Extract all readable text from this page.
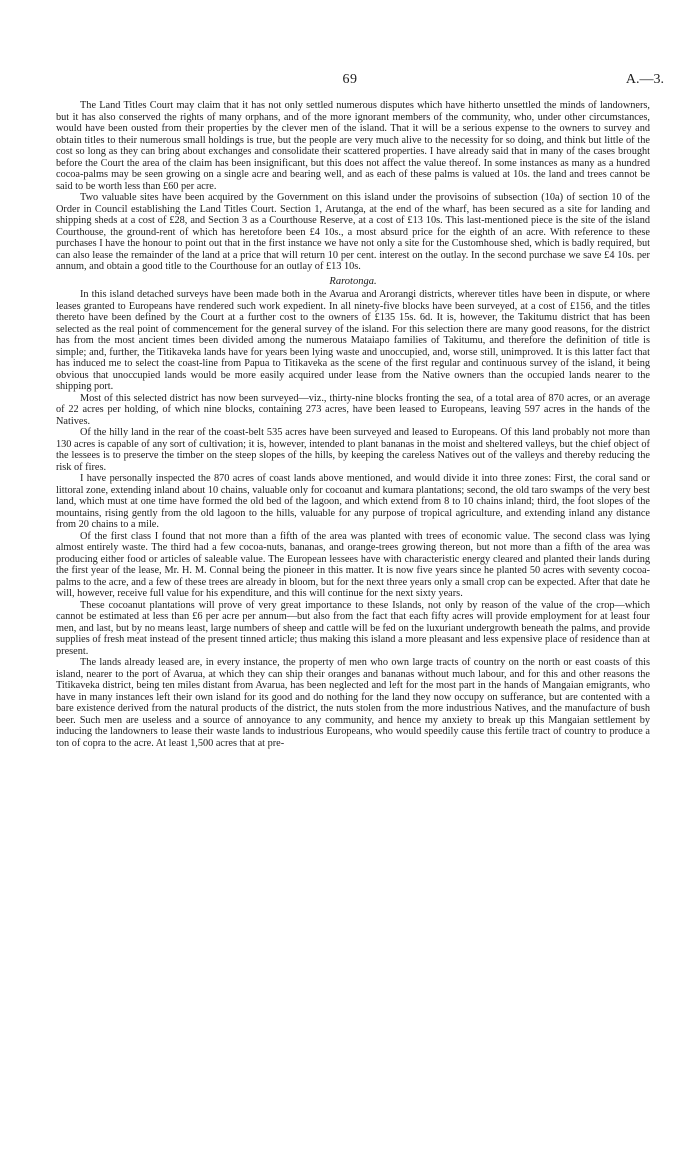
69	A.—3.

The Land Titles Court may claim that it has not only settled numerous disputes which have hitherto unsettled the minds of landowners, but it has also conserved the rights of many orphans, and of the more ignorant members of the community, who, under other circumstances, would have been ousted from their properties by the clever men of the island. That it will be a serious expense to the owners to survey and obtain titles to their numerous small holdings is true, but the people are very much alive to the necessity for so doing, and think but little of the cost so long as they can bring about exchanges and consolidate their scattered properties. I have already said that in many of the cases brought before the Court the area of the claim has been insignificant, but this does not affect the value thereof. In some instances as many as a hundred cocoa-palms may be seen growing on a single acre and bearing well, and as each of these palms is valued at 10s. the land and trees cannot be said to be worth less than £60 per acre.

Two valuable sites have been acquired by the Government on this island under the provisoins of subsection (10a) of section 10 of the Order in Council establishing the Land Titles Court. Section 1, Arutanga, at the end of the wharf, has been secured as a site for landing and shipping sheds at a cost of £28, and Section 3 as a Courthouse Reserve, at a cost of £13 10s. This last-mentioned piece is the site of the island Courthouse, the ground-rent of which has heretofore been £4 10s., a most absurd price for the eighth of an acre. With reference to these purchases I have the honour to point out that in the first instance we have not only a site for the Customhouse shed, which is badly required, but can also lease the remainder of the land at a price that will return 10 per cent. interest on the outlay. In the second purchase we save £4 10s. per annum, and obtain a good title to the Courthouse for an outlay of £13 10s.

Rarotonga.

In this island detached surveys have been made both in the Avarua and Arorangi districts, wherever titles have been in dispute, or where leases granted to Europeans have rendered such work expedient. In all ninety-five blocks have been surveyed, at a cost of £156, and the titles thereto have been defined by the Court at a further cost to the owners of £135 15s. 6d. It is, however, the Takitumu district that has been selected as the real point of commencement for the general survey of the island. For this selection there are many good reasons, for the district has from the most ancient times been divided among the numerous Mataiapo families of Takitumu, and therefore the definition of title is simple; and, further, the Titikaveka lands have for years been lying waste and unoccupied, and, worse still, unimproved. It is this latter fact that has induced me to select the coast-line from Papua to Titikaveka as the scene of the first regular and continuous survey of the island, it being obvious that unoccupied lands would be more easily acquired under lease from the Native owners than the occupied lands nearer to the shipping port.

Most of this selected district has now been surveyed—viz., thirty-nine blocks fronting the sea, of a total area of 870 acres, or an average of 22 acres per holding, of which nine blocks, containing 273 acres, have been leased to Europeans, leaving 597 acres in the hands of the Natives.

Of the hilly land in the rear of the coast-belt 535 acres have been surveyed and leased to Europeans. Of this land probably not more than 130 acres is capable of any sort of cultivation; it is, however, intended to plant bananas in the moist and sheltered valleys, but the chief object of the lessees is to preserve the timber on the steep slopes of the hills, by keeping the careless Natives out of the valleys and thereby reducing the risk of fires.

I have personally inspected the 870 acres of coast lands above mentioned, and would divide it into three zones: First, the coral sand or littoral zone, extending inland about 10 chains, valuable only for cocoanut and kumara plantations; second, the old taro swamps of the very best land, which must at one time have formed the old bed of the lagoon, and which extend from 8 to 10 chains inland; third, the foot slopes of the mountains, rising gently from the old lagoon to the hills, valuable for any purpose of tropical agriculture, and extending inland any distance from 20 chains to a mile.

Of the first class I found that not more than a fifth of the area was planted with trees of economic value. The second class was lying almost entirely waste. The third had a few cocoa-nuts, bananas, and orange-trees growing thereon, but not more than a fifth of the area was producing either food or articles of saleable value. The European lessees have with characteristic energy cleared and planted their lands during the first year of the lease, Mr. H. M. Connal being the pioneer in this matter. It is now five years since he planted 50 acres with seventy cocoa-palms to the acre, and a few of these trees are already in bloom, but for the next three years only a small crop can be expected. After that date he will, however, receive full value for his expenditure, and this will continue for the next sixty years.

These cocoanut plantations will prove of very great importance to these Islands, not only by reason of the value of the crop—which cannot be estimated at less than £6 per acre per annum—but also from the fact that each fifty acres will provide employment for at least four men, and last, but by no means least, large numbers of sheep and cattle will be fed on the luxuriant undergrowth beneath the palms, and provide supplies of fresh meat instead of the present tinned article; thus making this island a more pleasant and less expensive place of residence than at present.

The lands already leased are, in every instance, the property of men who own large tracts of country on the north or east coasts of this island, nearer to the port of Avarua, at which they can ship their oranges and bananas without much labour, and for this and other reasons the Titikaveka district, being ten miles distant from Avarua, has been neglected and left for the most part in the hands of Mangaian emigrants, who have in many instances left their own island for its good and do nothing for the land they now occupy on sufferance, but are contented with a bare existence derived from the natural products of the district, the nuts stolen from the more industrious Natives, and the manufacture of bush beer. Such men are useless and a source of annoyance to any community, and hence my anxiety to break up this Mangaian settlement by inducing the landowners to lease their waste lands to industrious Europeans, who would speedily cause this fertile tract of country to produce a ton of copra to the acre. At least 1,500 acres that at pre-
